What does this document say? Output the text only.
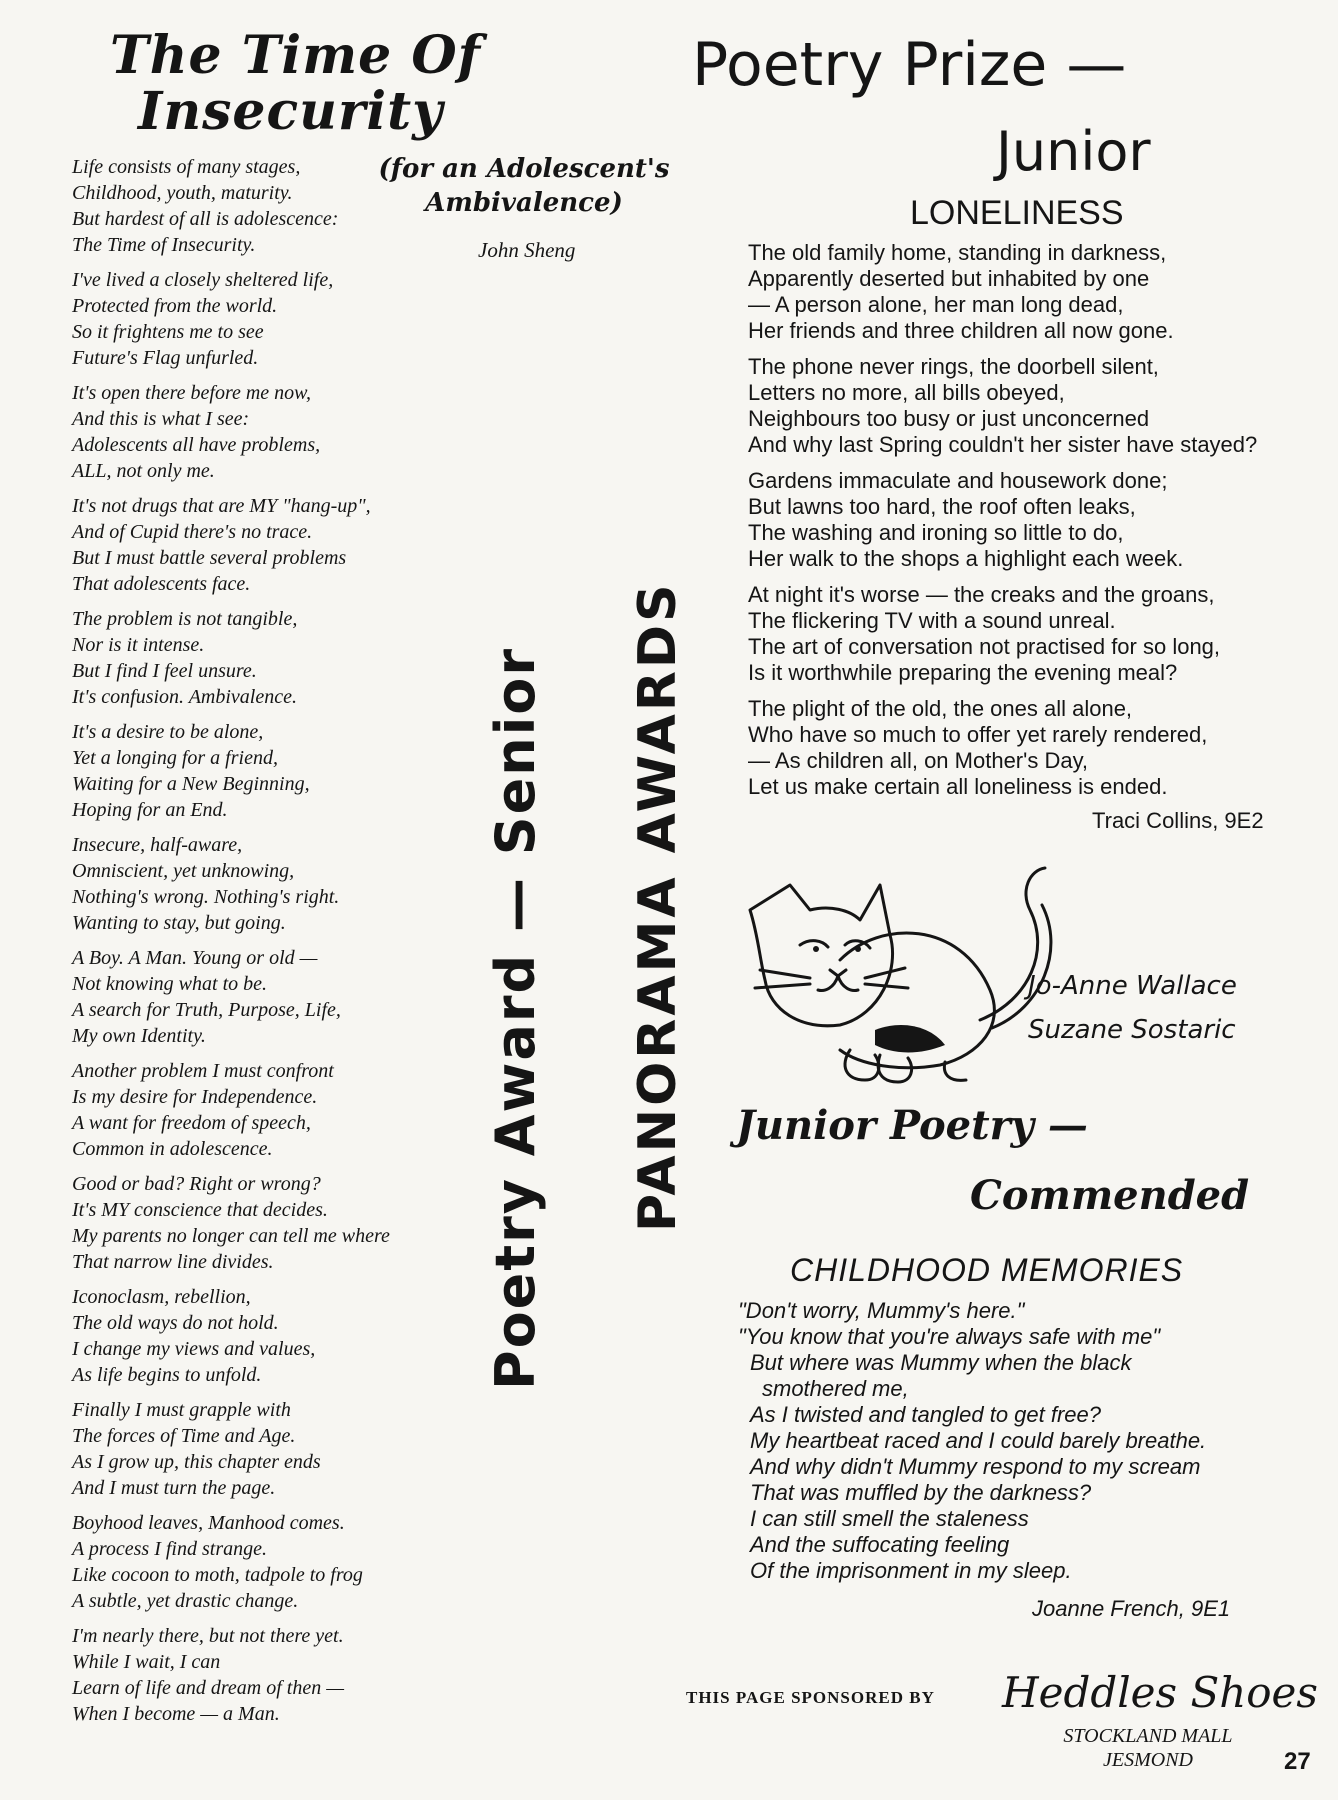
The Time Of
Insecurity
(for an Adolescent's
Ambivalence)
John Sheng
Life consists of many stages,
Childhood, youth, maturity.
But hardest of all is adolescence:
The Time of Insecurity.
I've lived a closely sheltered life,
Protected from the world.
So it frightens me to see
Future's Flag unfurled.
It's open there before me now,
And this is what I see:
Adolescents all have problems,
ALL, not only me.
It's not drugs that are MY "hang-up",
And of Cupid there's no trace.
But I must battle several problems
That adolescents face.
The problem is not tangible,
Nor is it intense.
But I find I feel unsure.
It's confusion. Ambivalence.
It's a desire to be alone,
Yet a longing for a friend,
Waiting for a New Beginning,
Hoping for an End.
Insecure, half-aware,
Omniscient, yet unknowing,
Nothing's wrong. Nothing's right.
Wanting to stay, but going.
A Boy. A Man. Young or old —
Not knowing what to be.
A search for Truth, Purpose, Life,
My own Identity.
Another problem I must confront
Is my desire for Independence.
A want for freedom of speech,
Common in adolescence.
Good or bad? Right or wrong?
It's MY conscience that decides.
My parents no longer can tell me where
That narrow line divides.
Iconoclasm, rebellion,
The old ways do not hold.
I change my views and values,
As life begins to unfold.
Finally I must grapple with
The forces of Time and Age.
As I grow up, this chapter ends
And I must turn the page.
Boyhood leaves, Manhood comes.
A process I find strange.
Like cocoon to moth, tadpole to frog
A subtle, yet drastic change.
I'm nearly there, but not there yet.
While I wait, I can
Learn of life and dream of then —
When I become — a Man.
Poetry Award — Senior PANORAMA AWARDS
Poetry Prize —
Junior
LONELINESS
The old family home, standing in darkness,
Apparently deserted but inhabited by one
— A person alone, her man long dead,
Her friends and three children all now gone.
The phone never rings, the doorbell silent,
Letters no more, all bills obeyed,
Neighbours too busy or just unconcerned
And why last Spring couldn't her sister have stayed?
Gardens immaculate and housework done;
But lawns too hard, the roof often leaks,
The washing and ironing so little to do,
Her walk to the shops a highlight each week.
At night it's worse — the creaks and the groans,
The flickering TV with a sound unreal.
The art of conversation not practised for so long,
Is it worthwhile preparing the evening meal?
The plight of the old, the ones all alone,
Who have so much to offer yet rarely rendered,
— As children all, on Mother's Day,
Let us make certain all loneliness is ended.
Traci Collins, 9E2
Jo-Anne Wallace
Suzane Sostaric
Junior Poetry —
Commended
CHILDHOOD MEMORIES
"Don't worry, Mummy's here."
"You know that you're always safe with me"
But where was Mummy when the black
smothered me,
As I twisted and tangled to get free?
My heartbeat raced and I could barely breathe.
And why didn't Mummy respond to my scream
That was muffled by the darkness?
I can still smell the staleness
And the suffocating feeling
Of the imprisonment in my sleep.
Joanne French, 9E1
THIS PAGE SPONSORED BY Heddles Shoes
STOCKLAND MALL
JESMOND	27
